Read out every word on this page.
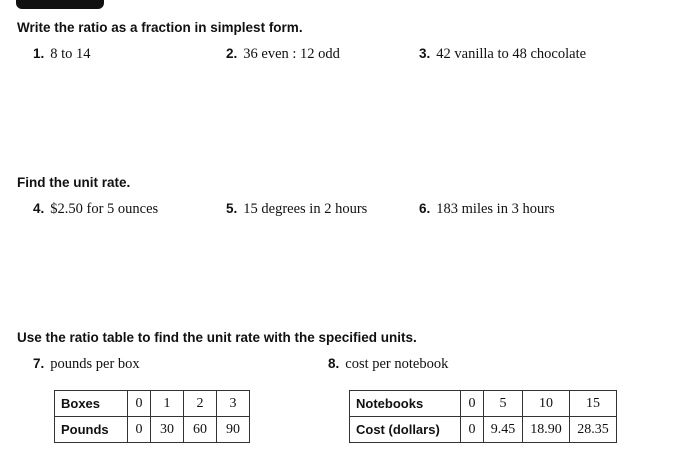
Write the ratio as a fraction in simplest form.
1. 8 to 14	2. 36 even : 12 odd	3. 42 vanilla to 48 chocolate
Find the unit rate.
4. $2.50 for 5 ounces	5. 15 degrees in 2 hours	6. 183 miles in 3 hours
Use the ratio table to find the unit rate with the specified units.
7. pounds per box	8. cost per notebook
Boxes	0	1	2	3
Pounds	0	30	60	90
Notebooks	0	5	10	15
Cost (dollars)	0	9.45	18.90	28.35
